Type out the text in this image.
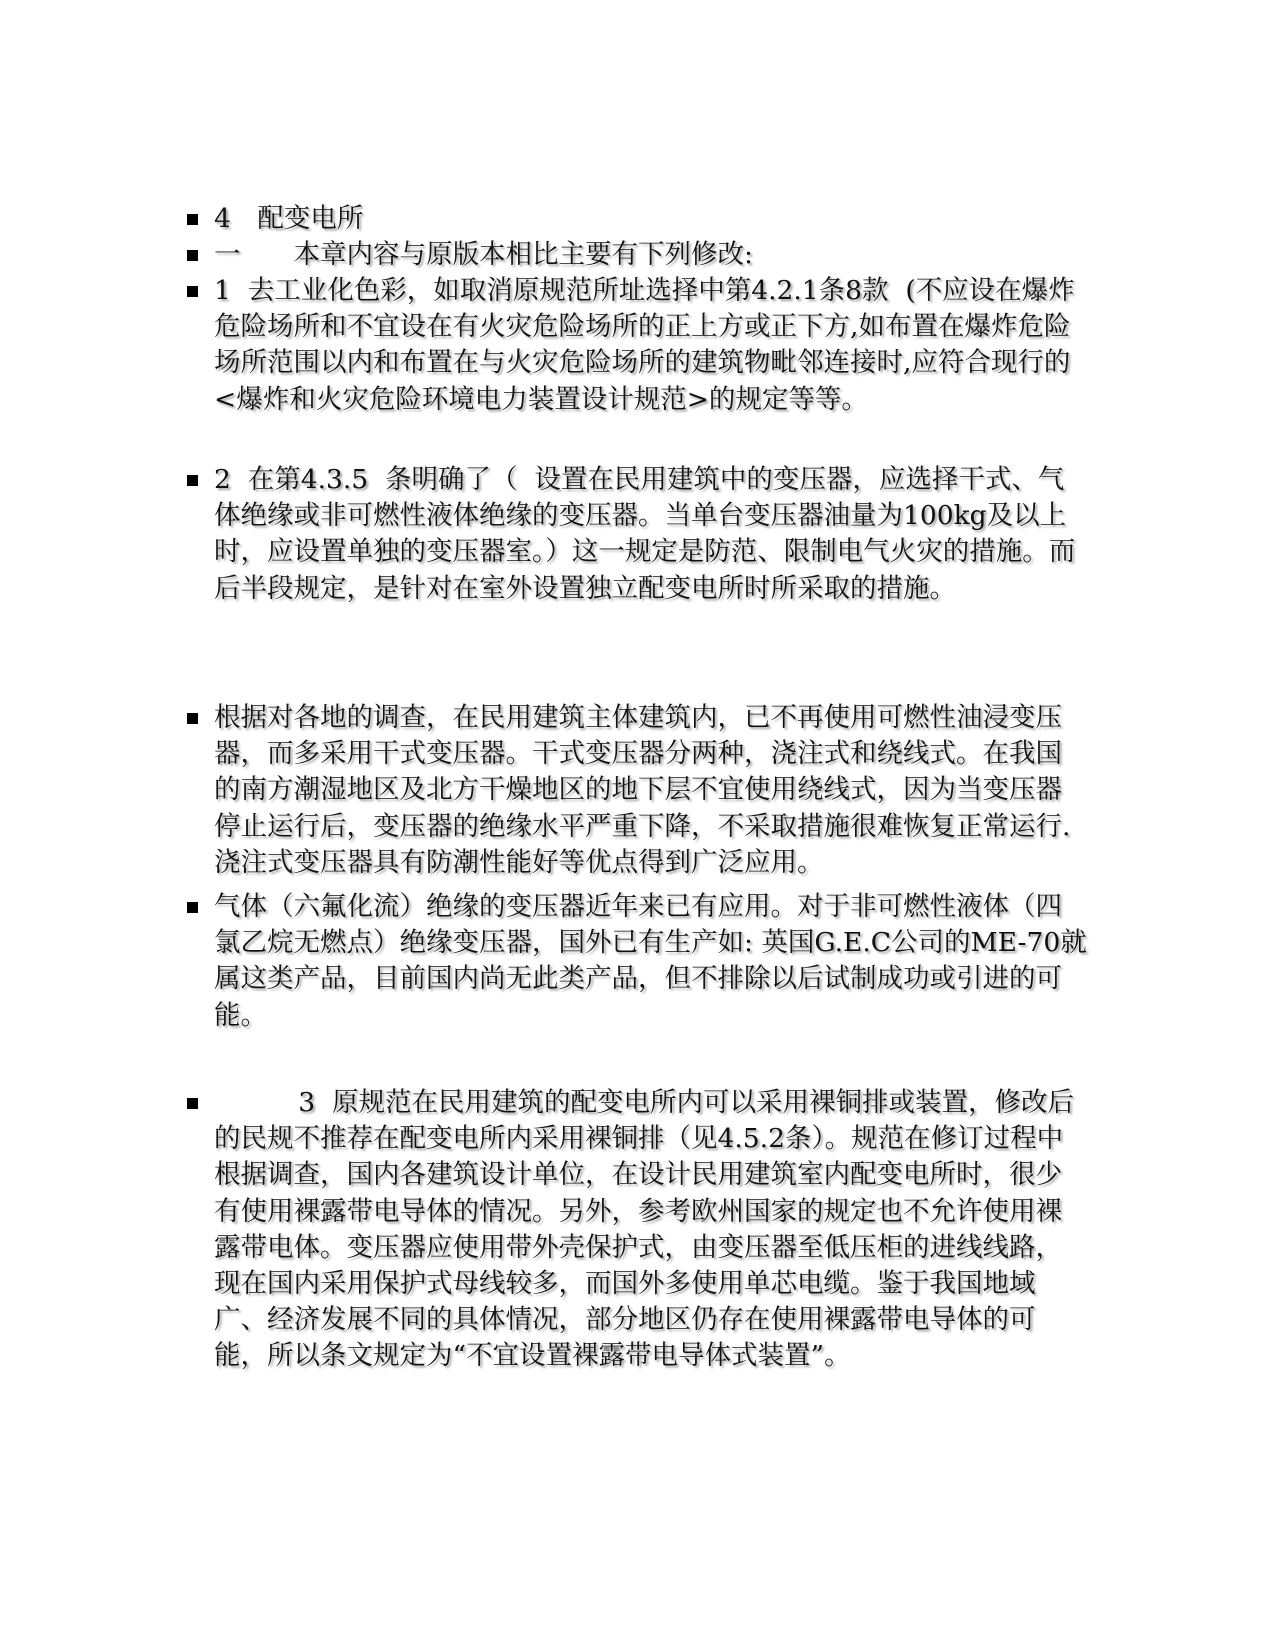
4　配变电所
一　　本章内容与原版本相比主要有下列修改:
1  去工业化色彩，如取消原规范所址选择中第4.2.1条8款  (不应设在爆炸危险场所和不宜设在有火灾危险场所的正上方或正下方,如布置在爆炸危险场所范围以内和布置在与火灾危险场所的建筑物毗邻连接时,应符合现行的<爆炸和火灾危险环境电力装置设计规范>的规定等等。
2  在第4.3.5  条明确了（  设置在民用建筑中的变压器，应选择干式、气体绝缘或非可燃性液体绝缘的变压器。当单台变压器油量为100kg及以上时，应设置单独的变压器室。）这一规定是防范、限制电气火灾的措施。而后半段规定，是针对在室外设置独立配变电所时所采取的措施。
根据对各地的调查，在民用建筑主体建筑内，已不再使用可燃性油浸变压器，而多采用干式变压器。干式变压器分两种，浇注式和绕线式。在我国的南方潮湿地区及北方干燥地区的地下层不宜使用绕线式，因为当变压器停止运行后，变压器的绝缘水平严重下降，不采取措施很难恢复正常运行.浇注式变压器具有防潮性能好等优点得到广泛应用。
气体（六氟化流）绝缘的变压器近年来已有应用。对于非可燃性液体（四氯乙烷无燃点）绝缘变压器，国外已有生产如: 英国G.E.C公司的ME-70就属这类产品，目前国内尚无此类产品，但不排除以后试制成功或引进的可能。
3  原规范在民用建筑的配变电所内可以采用裸铜排或装置，修改后的民规不推荐在配变电所内采用裸铜排（见4.5.2条）。规范在修订过程中  根据调查，国内各建筑设计单位，在设计民用建筑室内配变电所时，很少有使用裸露带电导体的情况。另外，参考欧州国家的规定也不允许使用裸露带电体。变压器应使用带外壳保护式，由变压器至低压柜的进线线路，现在国内采用保护式母线较多，而国外多使用单芯电缆。鉴于我国地域广、经济发展不同的具体情况，部分地区仍存在使用裸露带电导体的可能，所以条文规定为“不宜设置裸露带电导体式装置”。
